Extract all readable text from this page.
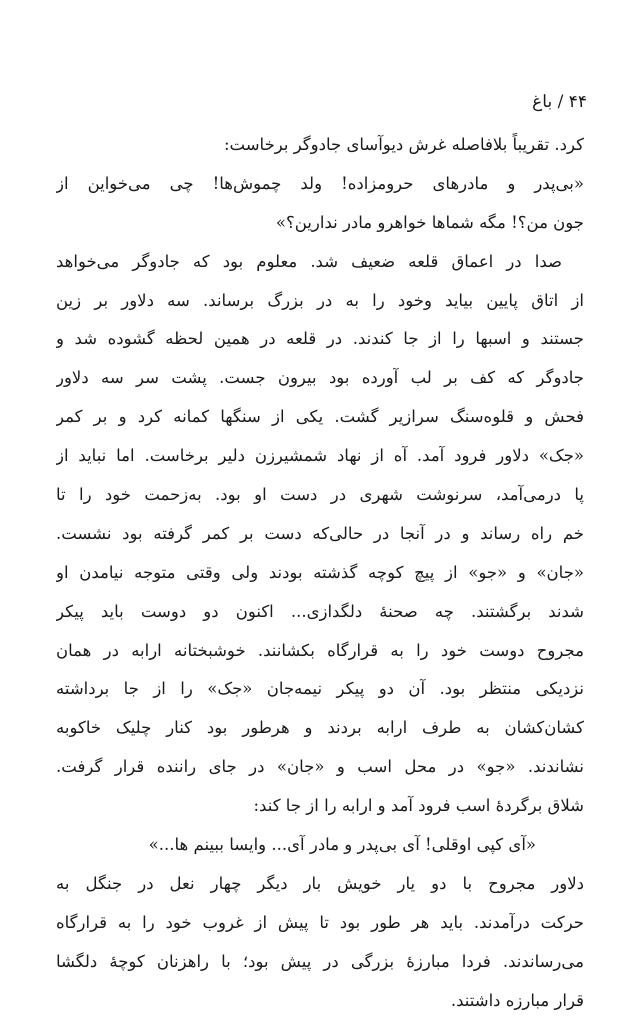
۴۴ / باغ
کرد. تقریباً بلافاصله غرش دیوآسای جادوگر برخاست:
«بی‌پدر و مادرهای حرومزاده! ولد چموش‌ها! چی می‌خواین از
جون من؟! مگه شماها خواهرو مادر ندارین؟»
صدا در اعماق قلعه ضعیف شد. معلوم بود که جادوگر می‌خواهد
از اتاق پایین بیاید وخود را به در بزرگ برساند. سه دلاور بر زین
جستند و اسبها را از جا کندند. در قلعه در همین لحظه گشوده شد و
جادوگر که کف بر لب آورده بود بیرون جست. پشت سر سه دلاور
فحش و قلوه‌سنگ سرازیر گشت. یکی از سنگها کمانه کرد و بر کمر
«جک» دلاور فرود آمد. آه از نهاد شمشیرزن دلیر برخاست. اما نباید از
پا درمی‌آمد، سرنوشت شهری در دست او بود. به‌زحمت خود را تا
خم راه رساند و در آنجا در حالی‌که دست بر کمر گرفته بود نشست.
«جان» و «جو» از پیچ کوچه گذشته بودند ولی وقتی متوجه نیامدن او
شدند برگشتند. چه صحنهٔ دلگدازی... اکنون دو دوست باید پیکر
مجروح دوست خود را به قرارگاه بکشانند. خوشبختانه ارابه در همان
نزدیکی منتظر بود. آن دو پیکر نیمه‌جان «جک» را از جا برداشته
کشان‌کشان به طرف ارابه بردند و هرطور بود کنار چلیک خاکوبه
نشاندند. «جو» در محل اسب و «جان» در جای راننده قرار گرفت.
شلاق برگردهٔ اسب فرود آمد و ارابه را از جا کند:
«آی کپی اوقلی! آی بی‌پدر و مادر آی... وایسا ببینم ها...»
دلاور مجروح با دو یار خویش بار دیگر چهار نعل در جنگل به
حرکت درآمدند. باید هر طور بود تا پیش از غروب خود را به قرارگاه
می‌رساندند. فردا مبارزهٔ بزرگی در پیش بود؛ با راهزنان کوچهٔ دلگشا
قرار مبارزه داشتند.
